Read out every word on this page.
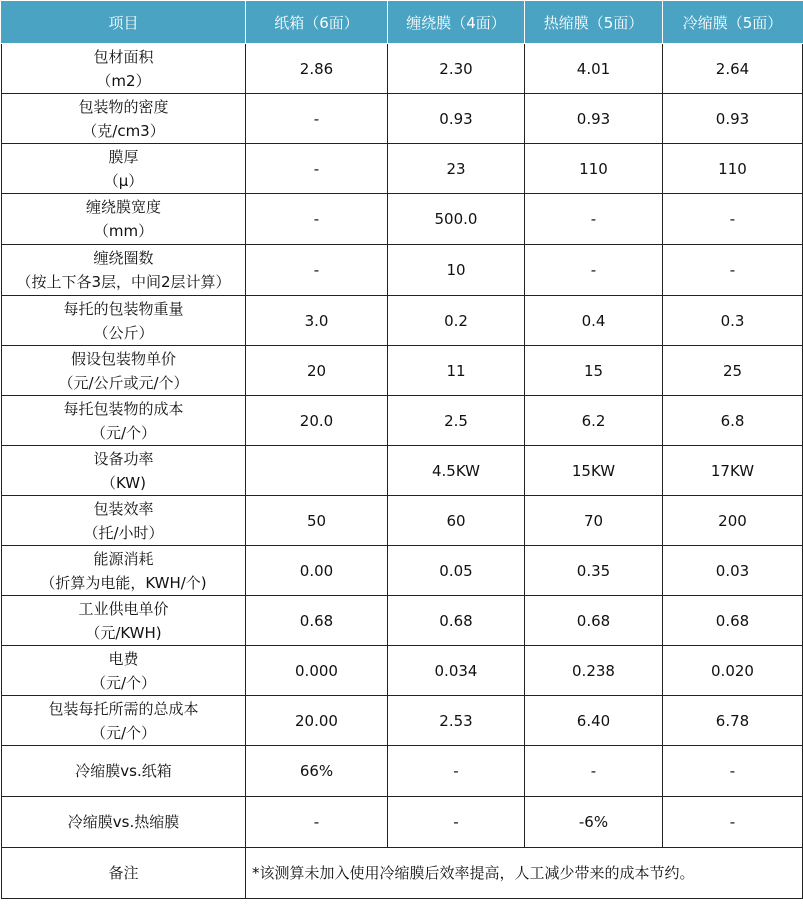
项目	纸箱（6面）	缠绕膜（4面）	热缩膜（5面）	冷缩膜（5面）

包材面积
（m2）	2.86	2.30	4.01	2.64

包装物的密度
（克/cm3）	-	0.93	0.93	0.93

膜厚
（μ）	-	23	110	110

缠绕膜宽度
（mm）	-	500.0	-	-

缠绕圈数
（按上下各3层，中间2层计算）	-	10	-	-

每托的包装物重量
（公斤）	3.0	0.2	0.4	0.3

假设包装物单价
（元/公斤或元/个）	20	11	15	25

每托包装物的成本
（元/个）	20.0	2.5	6.2	6.8

设备功率
（KW)		4.5KW	15KW	17KW

包装效率
（托/小时）	50	60	70	200

能源消耗
（折算为电能，KWH/个)	0.00	0.05	0.35	0.03

工业供电单价
（元/KWH)	0.68	0.68	0.68	0.68

电费
（元/个）	0.000	0.034	0.238	0.020

包装每托所需的总成本
（元/个）	20.00	2.53	6.40	6.78
冷缩膜vs.纸箱	66%	-	-	-
冷缩膜vs.热缩膜	-	-	-6%	-
备注	*该测算未加入使用冷缩膜后效率提高，人工减少带来的成本节约。			
